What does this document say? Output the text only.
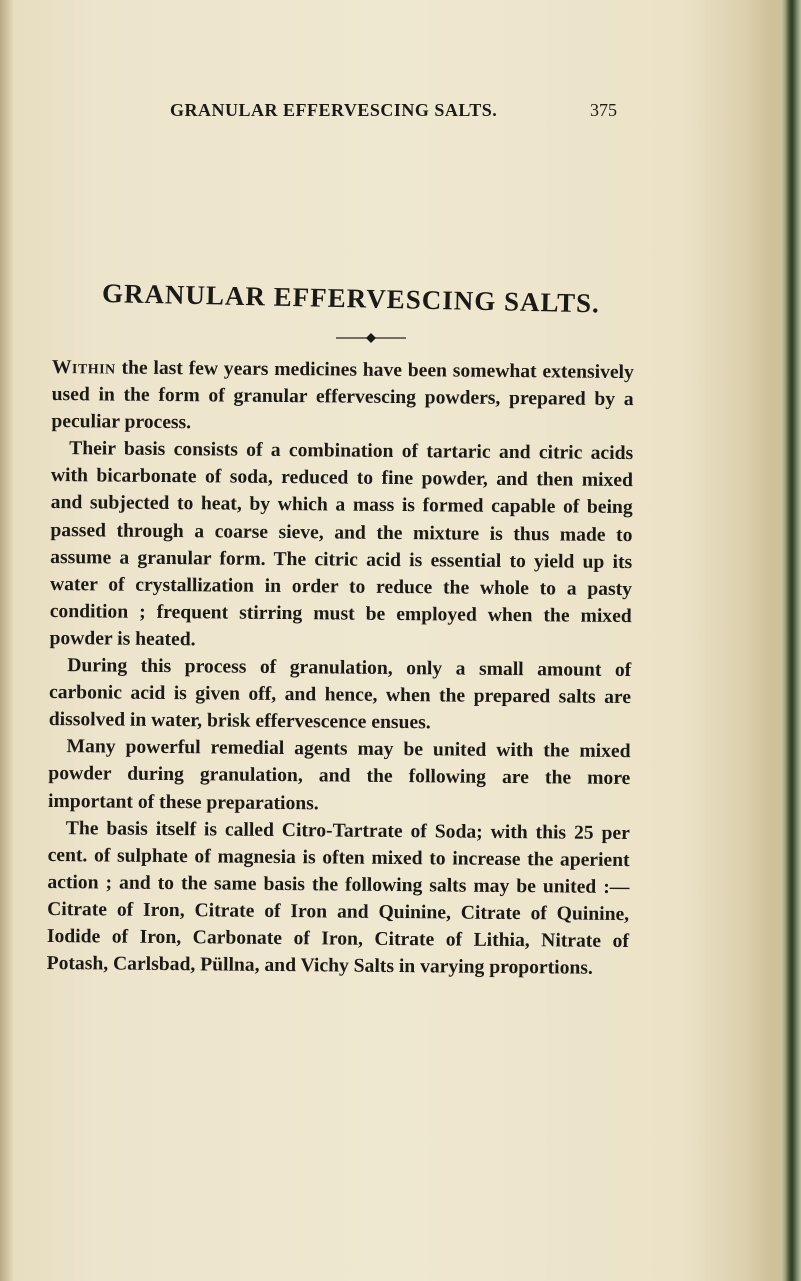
GRANULAR EFFERVESCING SALTS.	375
GRANULAR EFFERVESCING SALTS.

Within the last few years medicines have been somewhat extensively used in the form of granular effervescing powders, prepared by a peculiar process.

Their basis consists of a combination of tartaric and citric acids with bicarbonate of soda, reduced to fine powder, and then mixed and subjected to heat, by which a mass is formed capable of being passed through a coarse sieve, and the mixture is thus made to assume a granular form. The citric acid is essential to yield up its water of crystallization in order to reduce the whole to a pasty condition ; frequent stirring must be employed when the mixed powder is heated.

During this process of granulation, only a small amount of carbonic acid is given off, and hence, when the prepared salts are dissolved in water, brisk effervescence ensues.

Many powerful remedial agents may be united with the mixed powder during granulation, and the following are the more important of these preparations.

The basis itself is called Citro-Tartrate of Soda; with this 25 per cent. of sulphate of magnesia is often mixed to increase the aperient action ; and to the same basis the following salts may be united :—Citrate of Iron, Citrate of Iron and Quinine, Citrate of Quinine, Iodide of Iron, Carbonate of Iron, Citrate of Lithia, Nitrate of Potash, Carlsbad, Püllna, and Vichy Salts in varying proportions.
